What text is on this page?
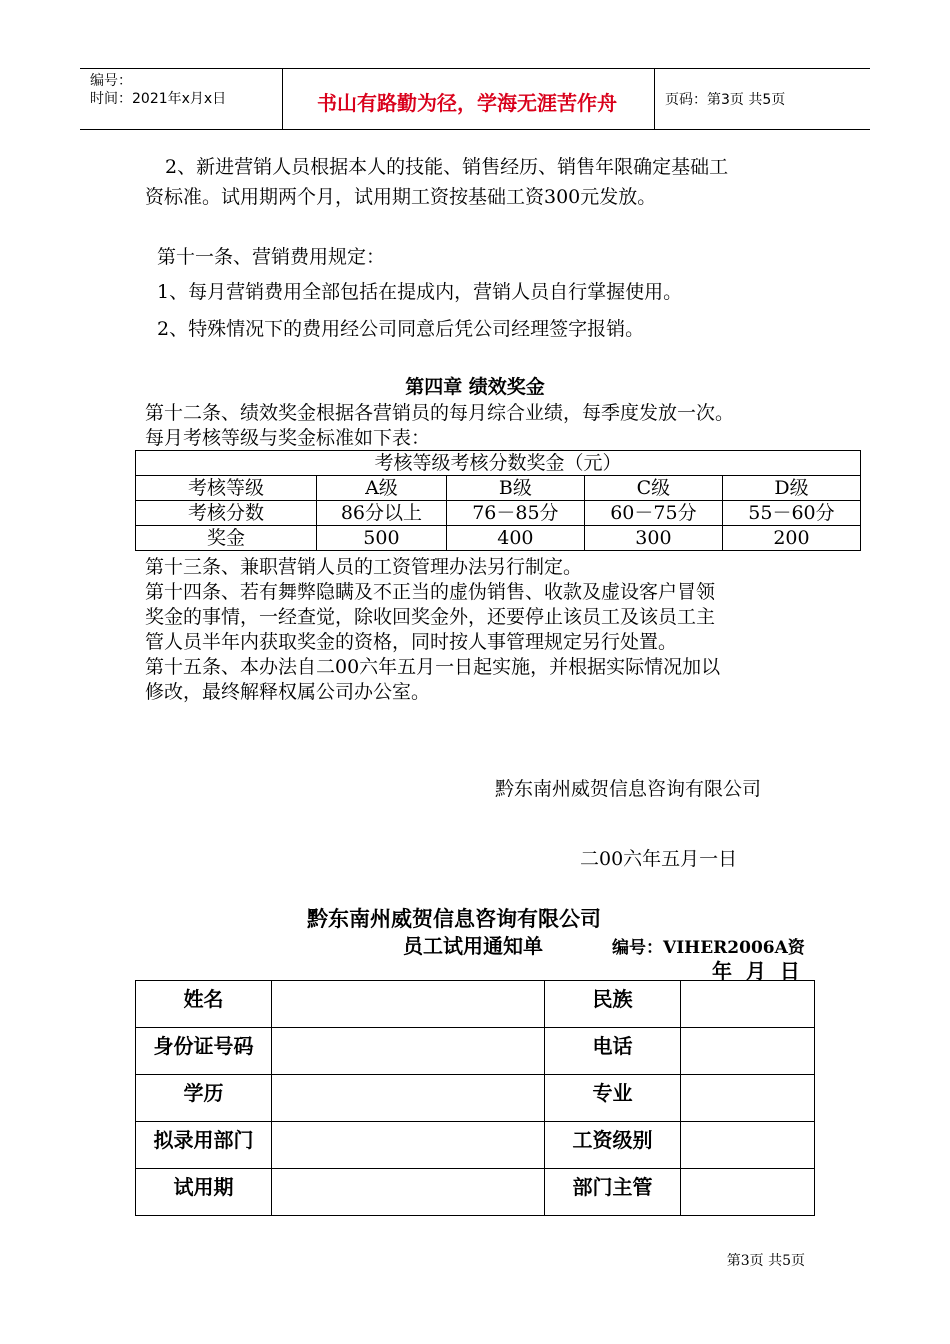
编号：
时间：2021年x月x日	书山有路勤为径，学海无涯苦作舟	页码：第3页 共5页
2、新进营销人员根据本人的技能、销售经历、销售年限确定基础工
资标准。试用期两个月，试用期工资按基础工资300元发放。
第十一条、营销费用规定：
1、每月营销费用全部包括在提成内，营销人员自行掌握使用。
2、特殊情况下的费用经公司同意后凭公司经理签字报销。
第四章 绩效奖金
第十二条、绩效奖金根据各营销员的每月综合业绩，每季度发放一次。
每月考核等级与奖金标准如下表：
考核等级考核分数奖金（元）				
考核等级	A级	B级	C级	D级
考核分数	86分以上	76－85分	60－75分	55－60分
奖金	500	400	300	200
第十三条、兼职营销人员的工资管理办法另行制定。
第十四条、若有舞弊隐瞒及不正当的虚伪销售、收款及虚设客户冒领
奖金的事情，一经查觉，除收回奖金外，还要停止该员工及该员工主
管人员半年内获取奖金的资格，同时按人事管理规定另行处置。
第十五条、本办法自二00六年五月一日起实施，并根据实际情况加以
修改，最终解释权属公司办公室。
黔东南州威贺信息咨询有限公司
二00六年五月一日
黔东南州威贺信息咨询有限公司
员工试用通知单	编号：VIHER2006A资
年  月  日
姓名		民族	
身份证号码		电话	
学历		专业	
拟录用部门		工资级别	
试用期		部门主管	
第3页 共5页
